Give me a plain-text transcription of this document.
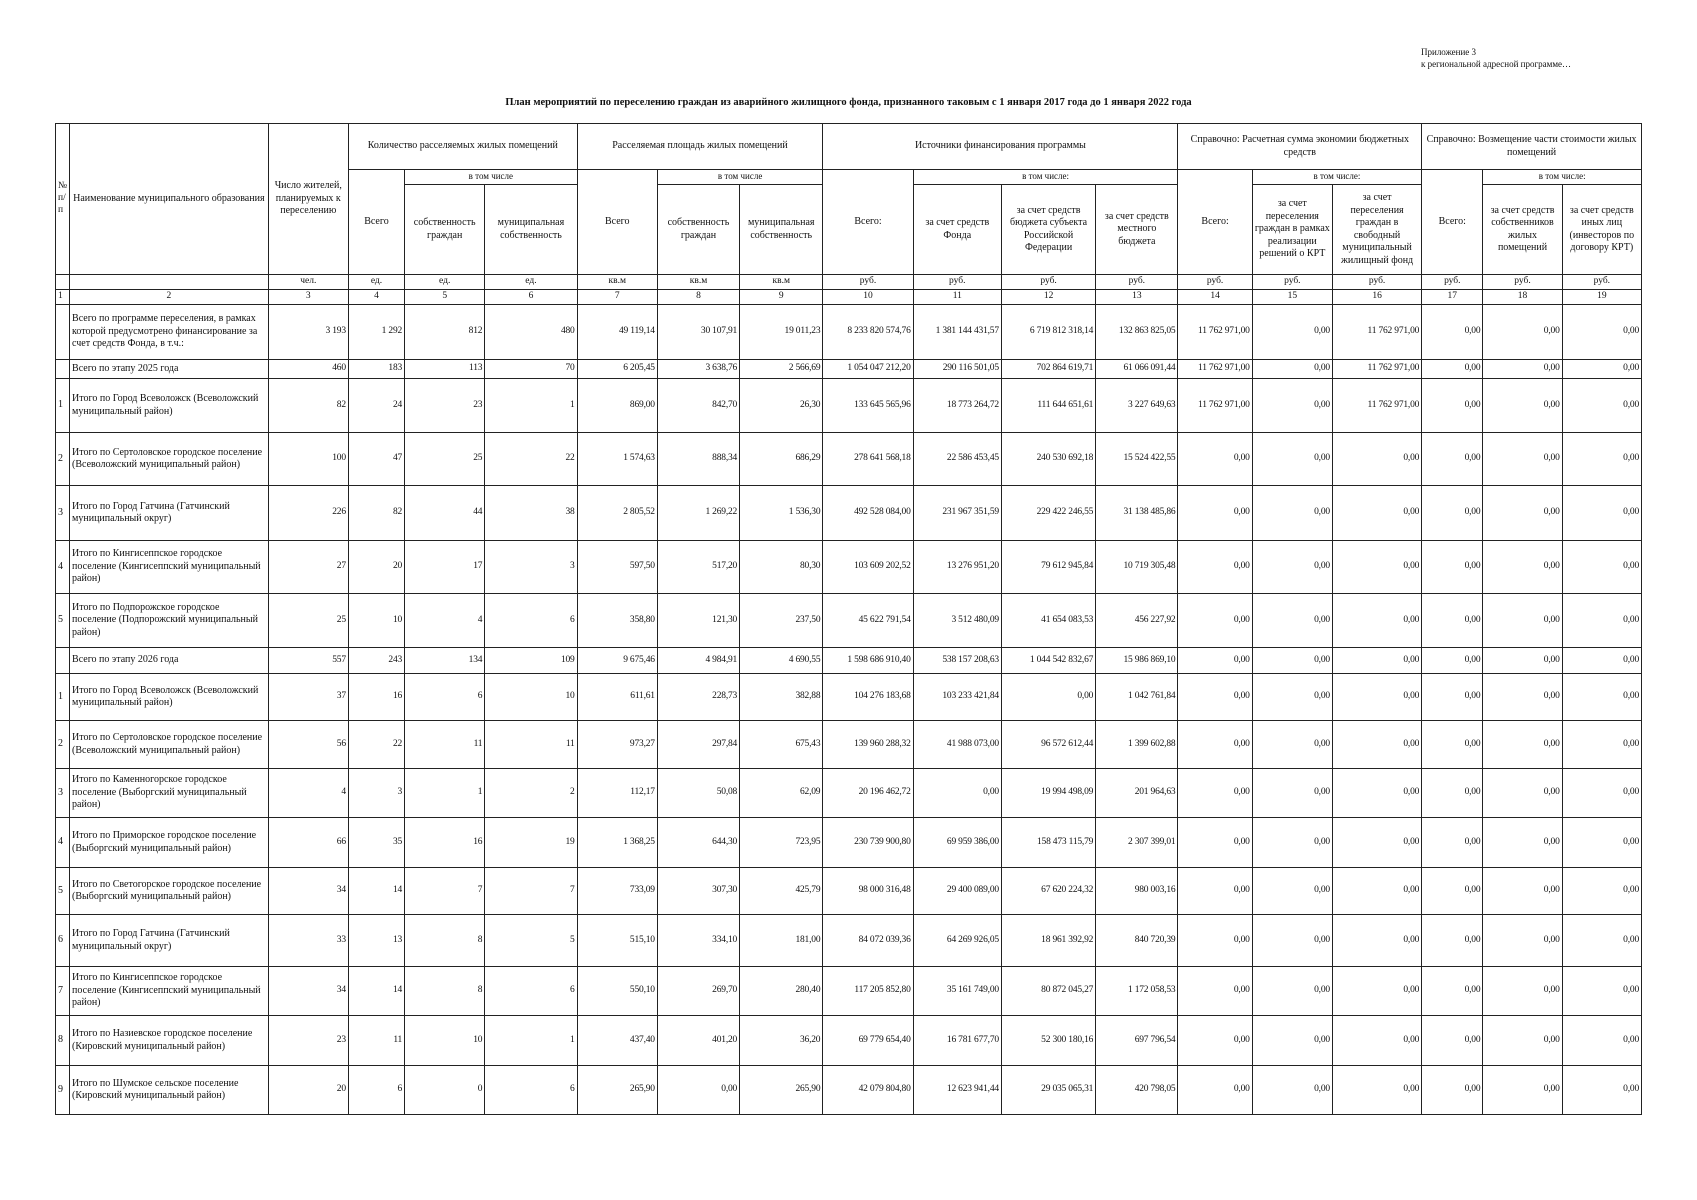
Приложение 3
к региональной адресной программе…
План мероприятий по переселению граждан из аварийного жилищного фонда, признанного таковым с 1 января 2017 года до 1 января 2022 года
№ п/п	Наименование муниципального образования	Число жителей, планируемых к переселению	Количество расселяемых жилых помещений			Расселяемая площадь жилых помещений			Источники финансирования программы				Справочно: Расчетная сумма экономии бюджетных средств			Справочно: Возмещение части стоимости жилых помещений		
			Всего	в том числе		Всего	в том числе		Всего:	в том числе:			Всего:	в том числе:		Всего:	в том числе:	
				собственность граждан	муниципальная собственность		собственность граждан	муниципальная собственность		за счет средств Фонда	за счет средств бюджета субъекта Российской Федерации	за счет средств местного бюджета		за счет переселения граждан в рамках реализации решений о КРТ	за счет переселения граждан в свободный муниципальный жилищный фонд		за счет средств собственников жилых помещений	за счет средств иных лиц (инвесторов по договору КРТ)
		чел.	ед.	ед.	ед.	кв.м	кв.м	кв.м	руб.	руб.	руб.	руб.	руб.	руб.	руб.	руб.	руб.	руб.
1	2	3	4	5	6	7	8	9	10	11	12	13	14	15	16	17	18	19
	Всего по программе переселения, в рамках которой предусмотрено финансирование за счет средств Фонда, в т.ч.:	3 193	1 292	812	480	49 119,14	30 107,91	19 011,23	8 233 820 574,76	1 381 144 431,57	6 719 812 318,14	132 863 825,05	11 762 971,00	0,00	11 762 971,00	0,00	0,00	0,00
	Всего по этапу 2025 года	460	183	113	70	6 205,45	3 638,76	2 566,69	1 054 047 212,20	290 116 501,05	702 864 619,71	61 066 091,44	11 762 971,00	0,00	11 762 971,00	0,00	0,00	0,00
1	Итого по Город Всеволожск (Всеволожский муниципальный район)	82	24	23	1	869,00	842,70	26,30	133 645 565,96	18 773 264,72	111 644 651,61	3 227 649,63	11 762 971,00	0,00	11 762 971,00	0,00	0,00	0,00
2	Итого по Сертоловское городское поселение (Всеволожский муниципальный район)	100	47	25	22	1 574,63	888,34	686,29	278 641 568,18	22 586 453,45	240 530 692,18	15 524 422,55	0,00	0,00	0,00	0,00	0,00	0,00
3	Итого по Город Гатчина (Гатчинский муниципальный округ)	226	82	44	38	2 805,52	1 269,22	1 536,30	492 528 084,00	231 967 351,59	229 422 246,55	31 138 485,86	0,00	0,00	0,00	0,00	0,00	0,00
4	Итого по Кингисеппское городское поселение (Кингисеппский муниципальный район)	27	20	17	3	597,50	517,20	80,30	103 609 202,52	13 276 951,20	79 612 945,84	10 719 305,48	0,00	0,00	0,00	0,00	0,00	0,00
5	Итого по Подпорожское городское поселение (Подпорожский муниципальный район)	25	10	4	6	358,80	121,30	237,50	45 622 791,54	3 512 480,09	41 654 083,53	456 227,92	0,00	0,00	0,00	0,00	0,00	0,00
	Всего по этапу 2026 года	557	243	134	109	9 675,46	4 984,91	4 690,55	1 598 686 910,40	538 157 208,63	1 044 542 832,67	15 986 869,10	0,00	0,00	0,00	0,00	0,00	0,00
1	Итого по Город Всеволожск (Всеволожский муниципальный район)	37	16	6	10	611,61	228,73	382,88	104 276 183,68	103 233 421,84	0,00	1 042 761,84	0,00	0,00	0,00	0,00	0,00	0,00
2	Итого по Сертоловское городское поселение (Всеволожский муниципальный район)	56	22	11	11	973,27	297,84	675,43	139 960 288,32	41 988 073,00	96 572 612,44	1 399 602,88	0,00	0,00	0,00	0,00	0,00	0,00
3	Итого по Каменногорское городское поселение (Выборгский муниципальный район)	4	3	1	2	112,17	50,08	62,09	20 196 462,72	0,00	19 994 498,09	201 964,63	0,00	0,00	0,00	0,00	0,00	0,00
4	Итого по Приморское городское поселение (Выборгский муниципальный район)	66	35	16	19	1 368,25	644,30	723,95	230 739 900,80	69 959 386,00	158 473 115,79	2 307 399,01	0,00	0,00	0,00	0,00	0,00	0,00
5	Итого по Светогорское городское поселение (Выборгский муниципальный район)	34	14	7	7	733,09	307,30	425,79	98 000 316,48	29 400 089,00	67 620 224,32	980 003,16	0,00	0,00	0,00	0,00	0,00	0,00
6	Итого по Город Гатчина (Гатчинский муниципальный округ)	33	13	8	5	515,10	334,10	181,00	84 072 039,36	64 269 926,05	18 961 392,92	840 720,39	0,00	0,00	0,00	0,00	0,00	0,00
7	Итого по Кингисеппское городское поселение (Кингисеппский муниципальный район)	34	14	8	6	550,10	269,70	280,40	117 205 852,80	35 161 749,00	80 872 045,27	1 172 058,53	0,00	0,00	0,00	0,00	0,00	0,00
8	Итого по Назиевское городское поселение (Кировский муниципальный район)	23	11	10	1	437,40	401,20	36,20	69 779 654,40	16 781 677,70	52 300 180,16	697 796,54	0,00	0,00	0,00	0,00	0,00	0,00
9	Итого по Шумское сельское поселение (Кировский муниципальный район)	20	6	0	6	265,90	0,00	265,90	42 079 804,80	12 623 941,44	29 035 065,31	420 798,05	0,00	0,00	0,00	0,00	0,00	0,00
